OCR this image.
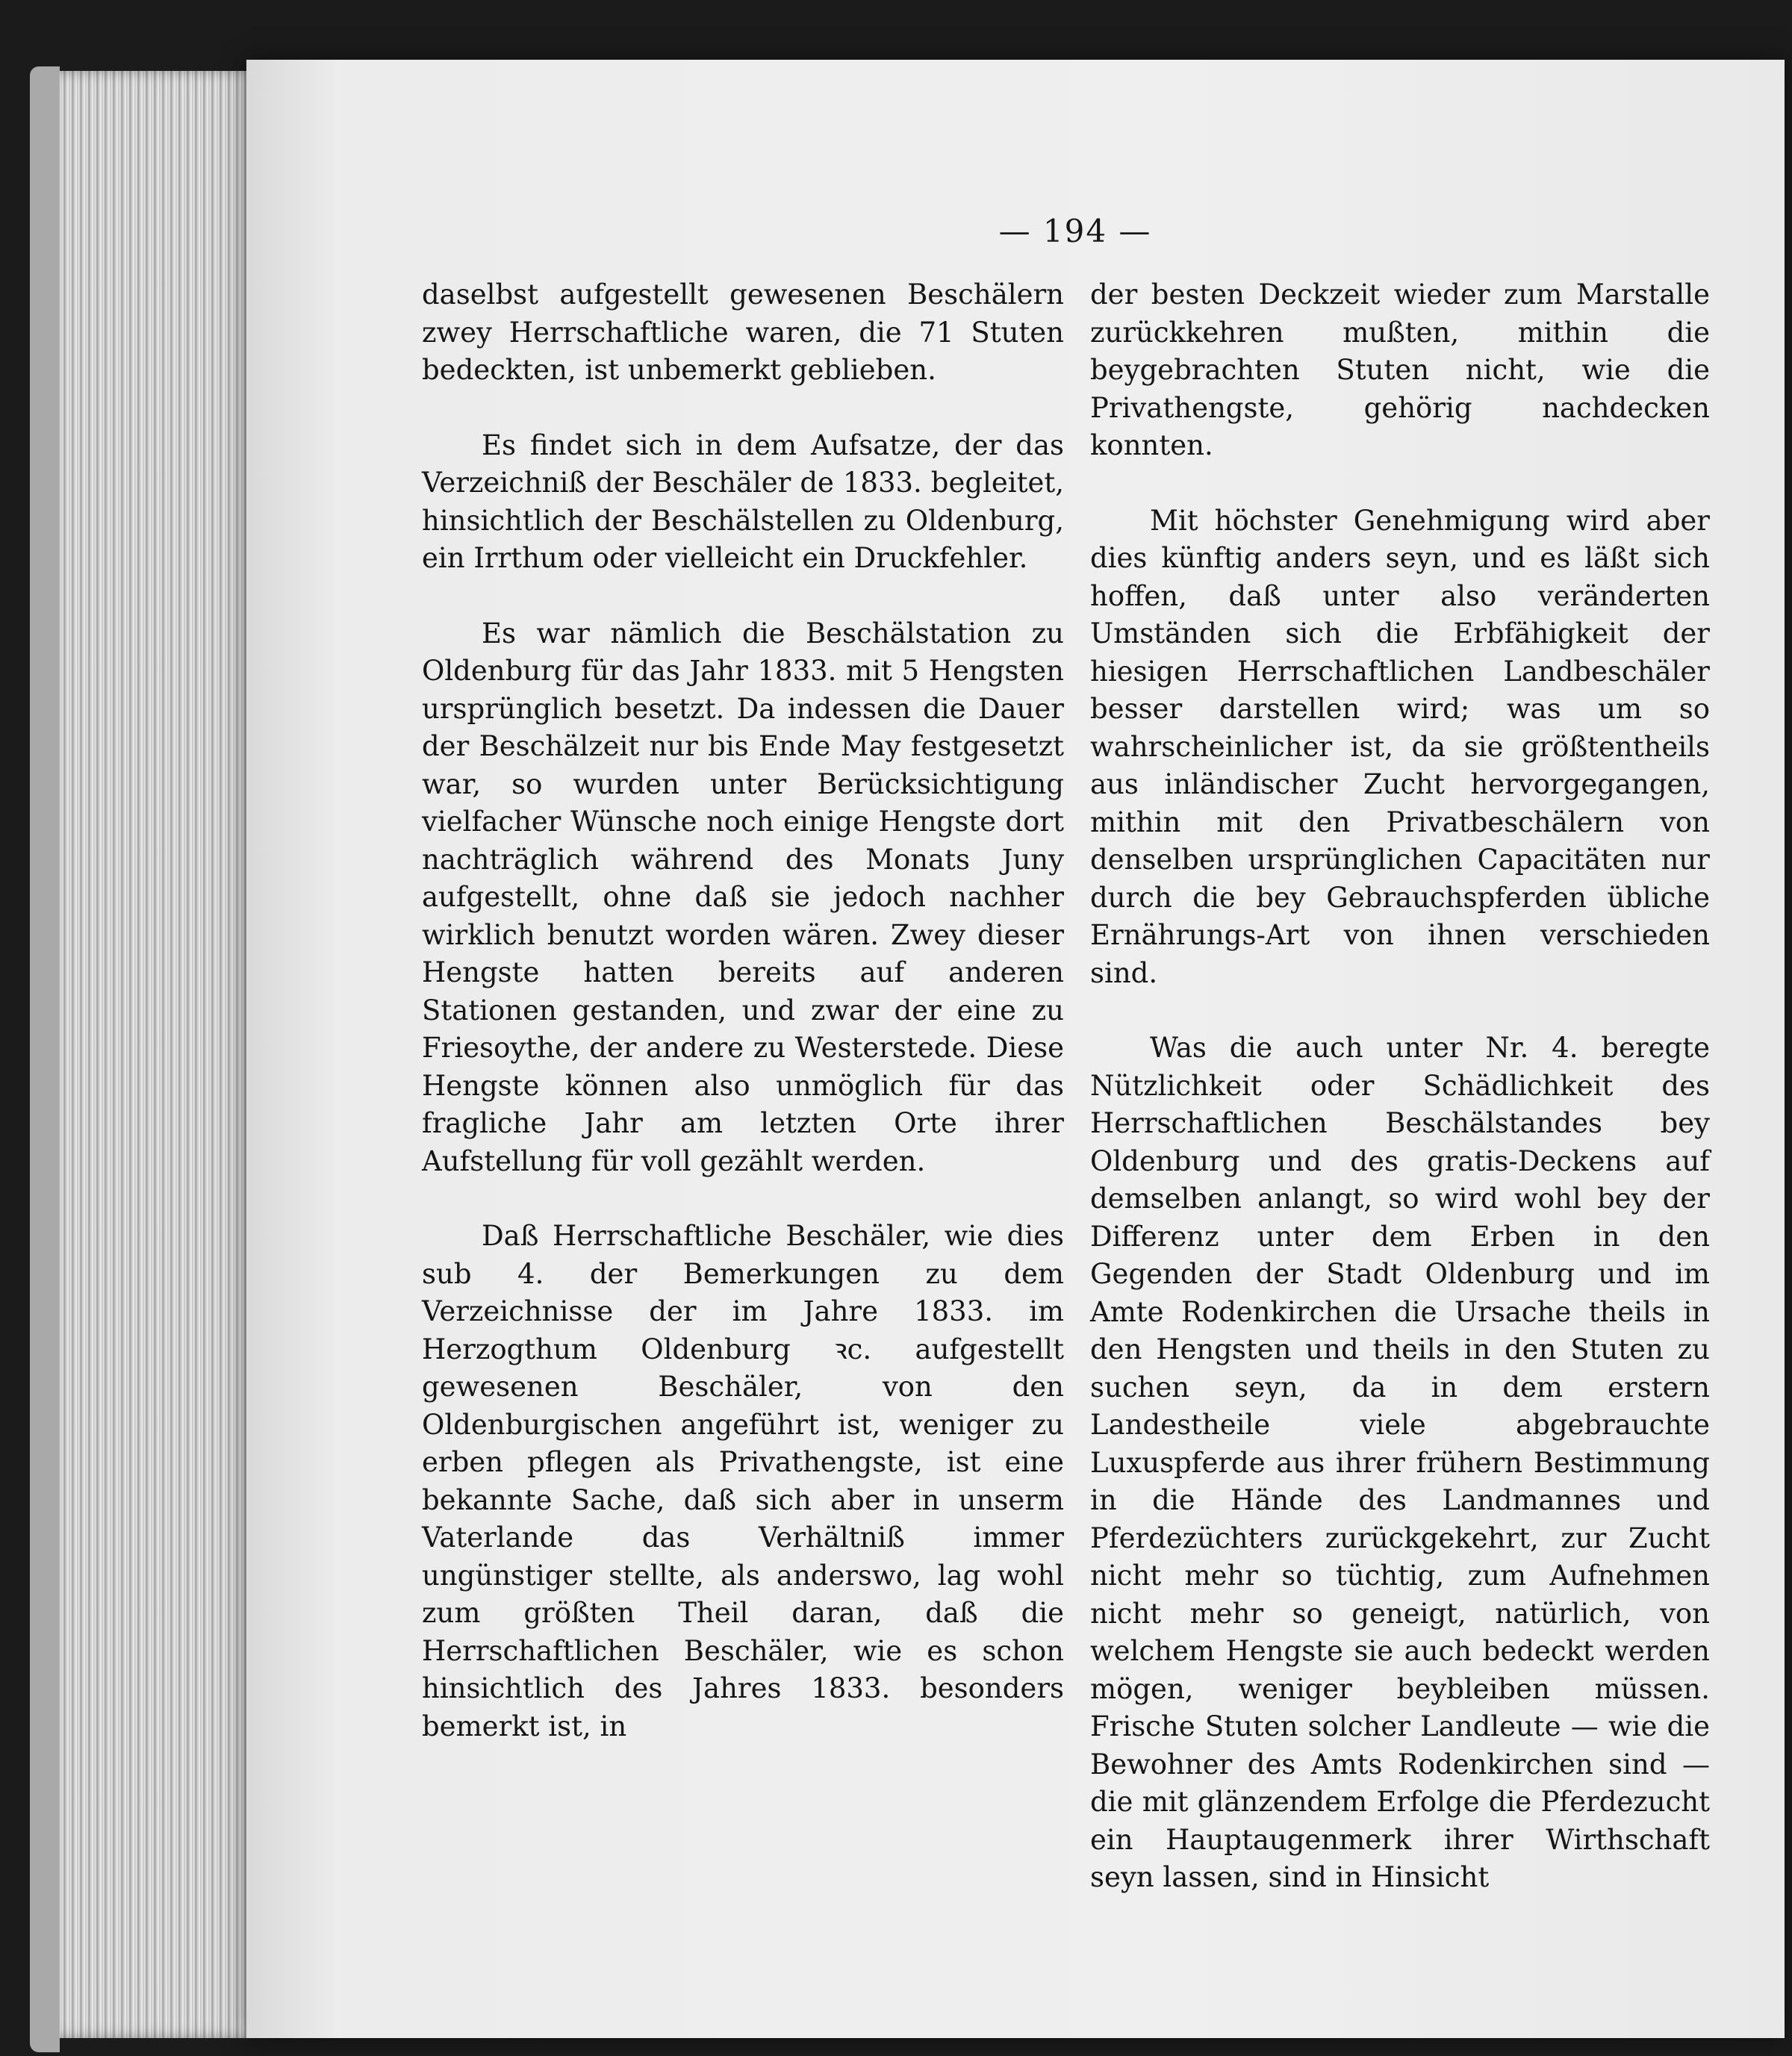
— 194 —

daselbst aufgestellt gewesenen Beschälern zwey Herrschaftliche waren, die 71 Stuten bedeckten, ist unbemerkt geblieben.

Es findet sich in dem Aufsatze, der das Verzeichniß der Beschäler de 1833. begleitet, hinsichtlich der Beschälstellen zu Oldenburg, ein Irrthum oder vielleicht ein Druckfehler.

Es war nämlich die Beschälstation zu Oldenburg für das Jahr 1833. mit 5 Hengsten ursprünglich besetzt. Da indessen die Dauer der Beschälzeit nur bis Ende May festgesetzt war, so wurden unter Berücksichtigung vielfacher Wünsche noch einige Hengste dort nachträglich während des Monats Juny aufgestellt, ohne daß sie jedoch nachher wirklich benutzt worden wären. Zwey dieser Hengste hatten bereits auf anderen Stationen gestanden, und zwar der eine zu Friesoythe, der andere zu Westerstede. Diese Hengste können also unmöglich für das fragliche Jahr am letzten Orte ihrer Aufstellung für voll gezählt werden.

Daß Herrschaftliche Beschäler, wie dies sub 4. der Bemerkungen zu dem Verzeichnisse der im Jahre 1833. im Herzogthum Oldenburg ꝛc. aufgestellt gewesenen Beschäler, von den Oldenburgischen angeführt ist, weniger zu erben pflegen als Privathengste, ist eine bekannte Sache, daß sich aber in unserm Vaterlande das Verhältniß immer ungünstiger stellte, als anderswo, lag wohl zum größten Theil daran, daß die Herrschaftlichen Beschäler, wie es schon hinsichtlich des Jahres 1833. besonders bemerkt ist, in

der besten Deckzeit wieder zum Marstalle zurückkehren mußten, mithin die beygebrachten Stuten nicht, wie die Privathengste, gehörig nachdecken konnten.

Mit höchster Genehmigung wird aber dies künftig anders seyn, und es läßt sich hoffen, daß unter also veränderten Umständen sich die Erbfähigkeit der hiesigen Herrschaftlichen Landbeschäler besser darstellen wird; was um so wahrscheinlicher ist, da sie größtentheils aus inländischer Zucht hervorgegangen, mithin mit den Privatbeschälern von denselben ursprünglichen Capacitäten nur durch die bey Gebrauchspferden übliche Ernährungs-Art von ihnen verschieden sind.

Was die auch unter Nr. 4. beregte Nützlichkeit oder Schädlichkeit des Herrschaftlichen Beschälstandes bey Oldenburg und des gratis-Deckens auf demselben anlangt, so wird wohl bey der Differenz unter dem Erben in den Gegenden der Stadt Oldenburg und im Amte Rodenkirchen die Ursache theils in den Hengsten und theils in den Stuten zu suchen seyn, da in dem erstern Landestheile viele abgebrauchte Luxuspferde aus ihrer frühern Bestimmung in die Hände des Landmannes und Pferdezüchters zurückgekehrt, zur Zucht nicht mehr so tüchtig, zum Aufnehmen nicht mehr so geneigt, natürlich, von welchem Hengste sie auch bedeckt werden mögen, weniger beybleiben müssen. Frische Stuten solcher Landleute — wie die Bewohner des Amts Rodenkirchen sind — die mit glänzendem Erfolge die Pferdezucht ein Hauptaugenmerk ihrer Wirthschaft seyn lassen, sind in Hinsicht
